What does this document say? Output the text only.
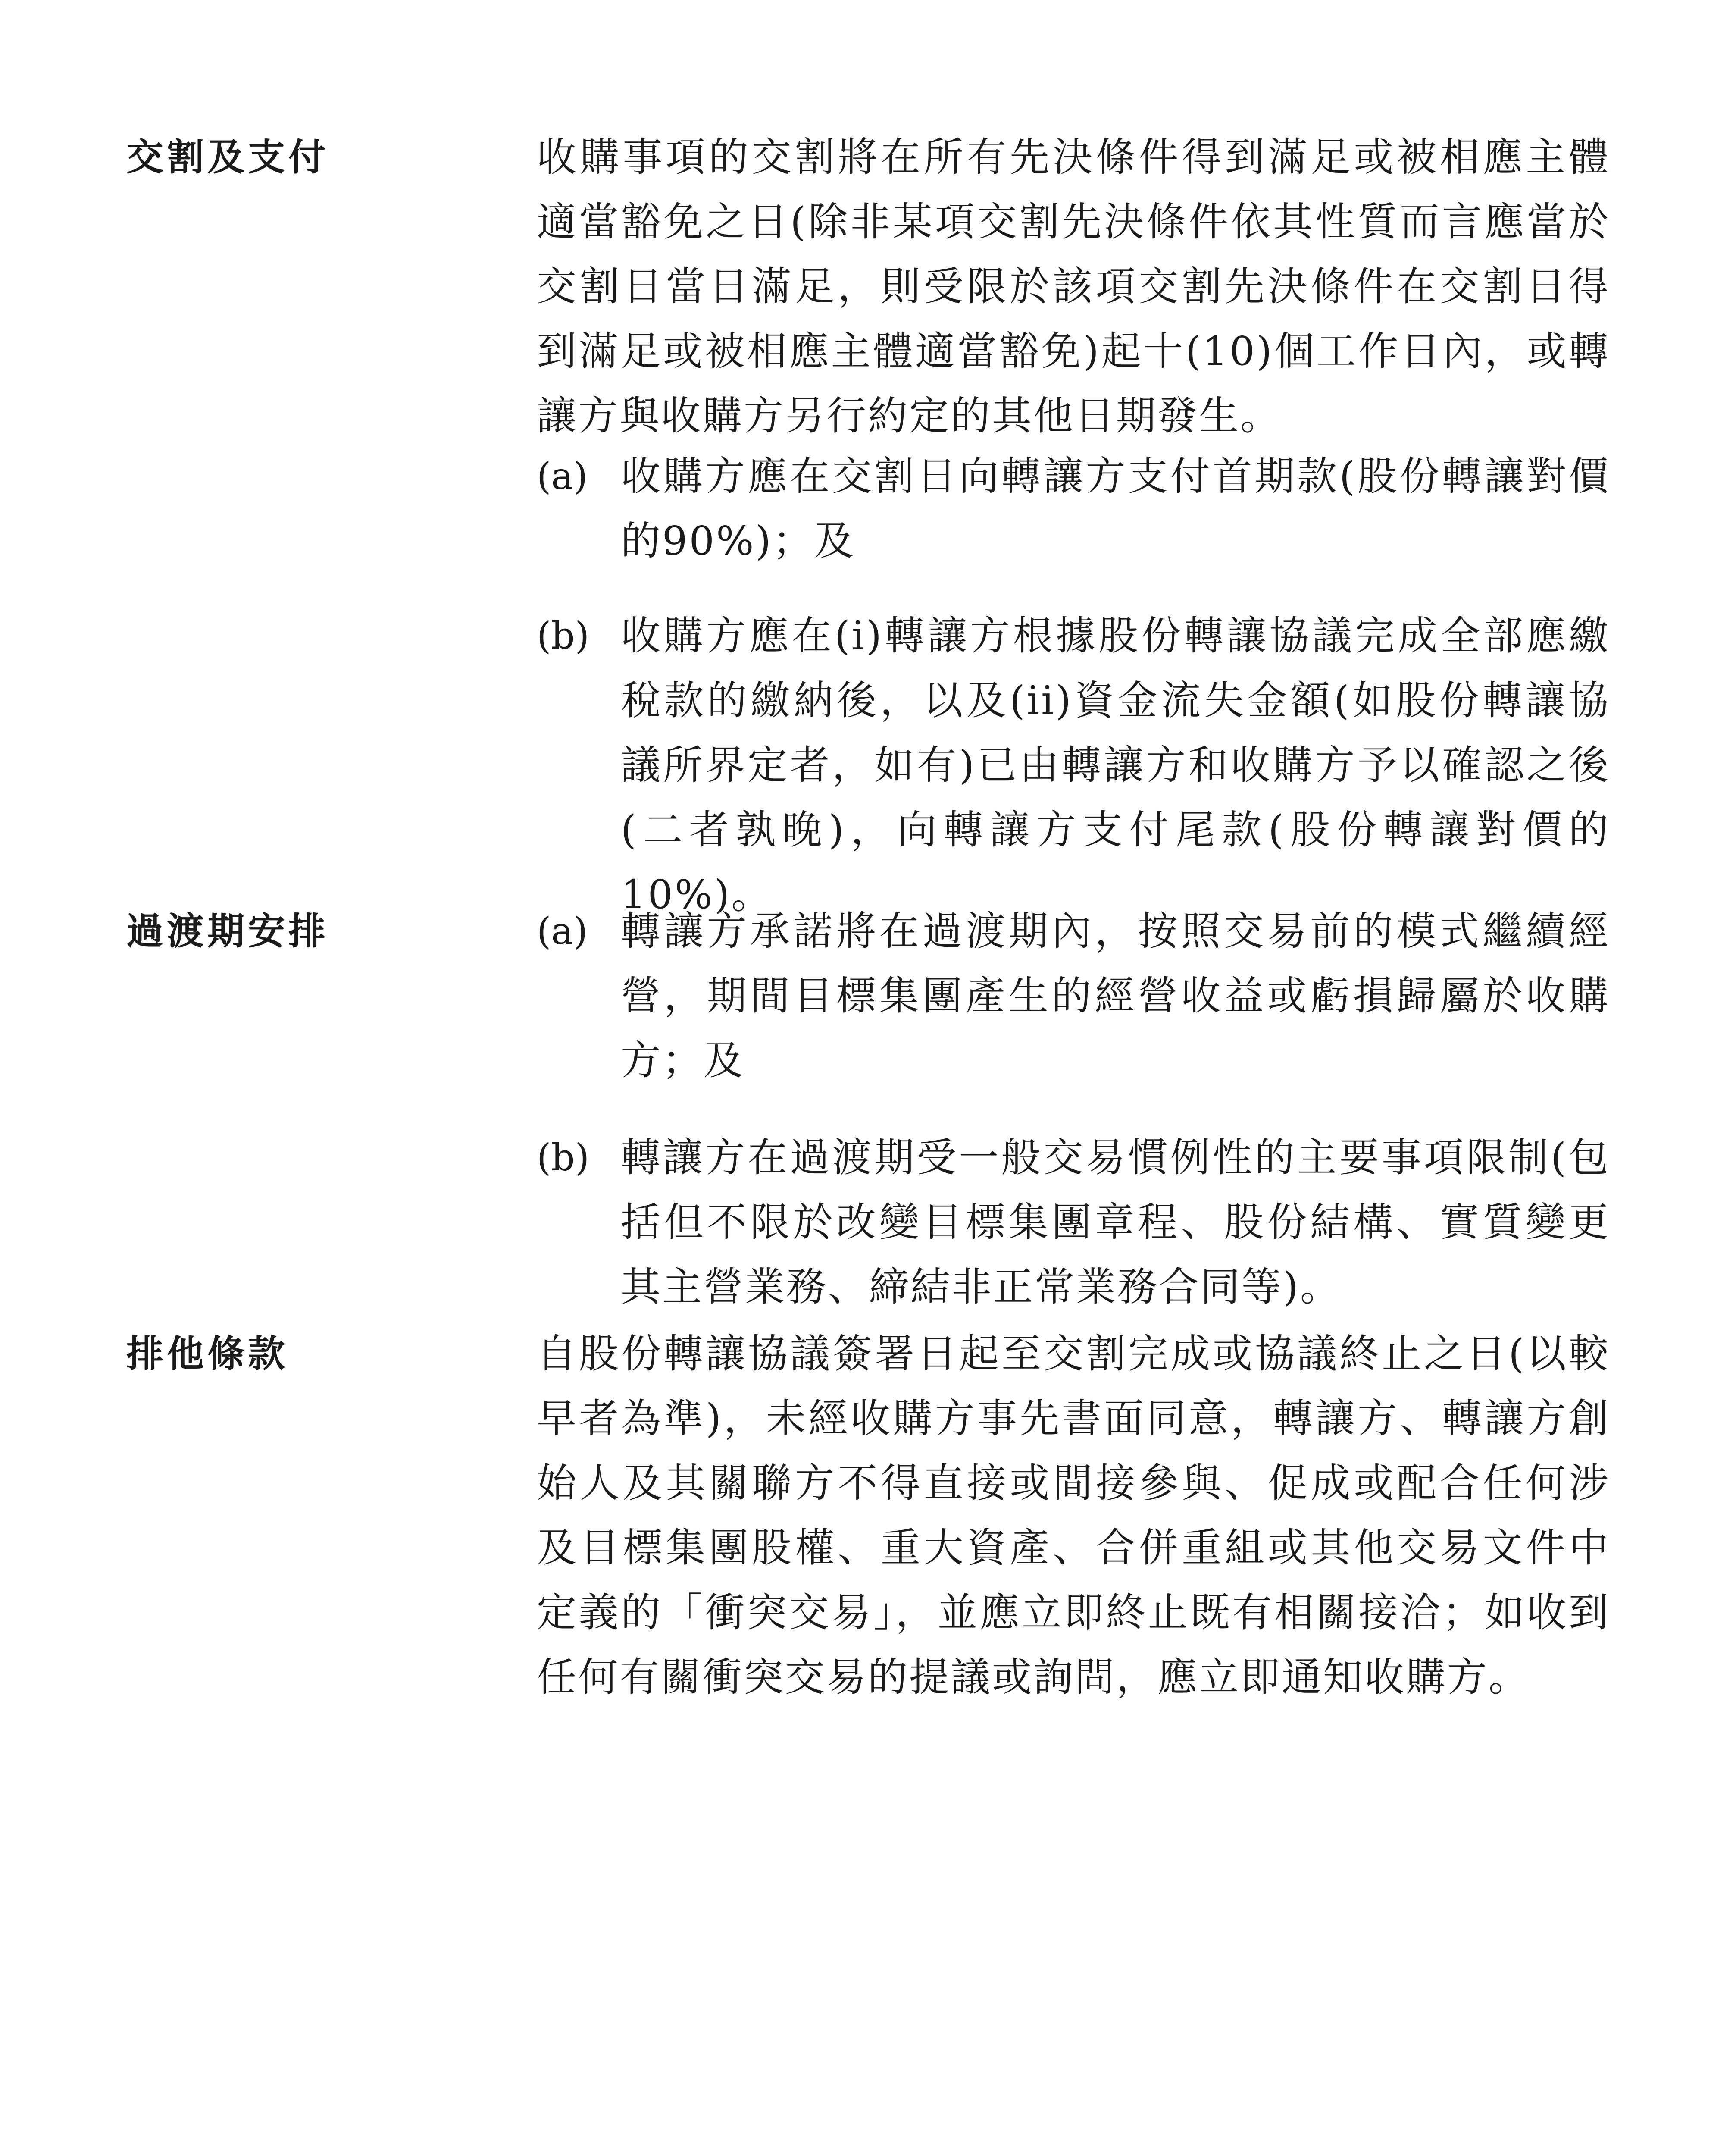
交割及支付	收購事項的交割將在所有先決條件得到滿足或被相應主體適當豁免之日(除非某項交割先決條件依其性質而言應當於交割日當日滿足，則受限於該項交割先決條件在交割日得到滿足或被相應主體適當豁免)起十(10)個工作日內，或轉讓方與收購方另行約定的其他日期發生。

(a) 收購方應在交割日向轉讓方支付首期款(股份轉讓對價的90%)；及

(b) 收購方應在(i)轉讓方根據股份轉讓協議完成全部應繳稅款的繳納後，以及(ii)資金流失金額(如股份轉讓協議所界定者，如有)已由轉讓方和收購方予以確認之後(二者孰晚)，向轉讓方支付尾款(股份轉讓對價的10%)。

過渡期安排	(a) 轉讓方承諾將在過渡期內，按照交易前的模式繼續經營，期間目標集團產生的經營收益或虧損歸屬於收購方；及

(b) 轉讓方在過渡期受一般交易慣例性的主要事項限制(包括但不限於改變目標集團章程、股份結構、實質變更其主營業務、締結非正常業務合同等)。

排他條款	自股份轉讓協議簽署日起至交割完成或協議終止之日(以較早者為準)，未經收購方事先書面同意，轉讓方、轉讓方創始人及其關聯方不得直接或間接參與、促成或配合任何涉及目標集團股權、重大資產、合併重組或其他交易文件中定義的「衝突交易」，並應立即終止既有相關接洽；如收到任何有關衝突交易的提議或詢問，應立即通知收購方。
